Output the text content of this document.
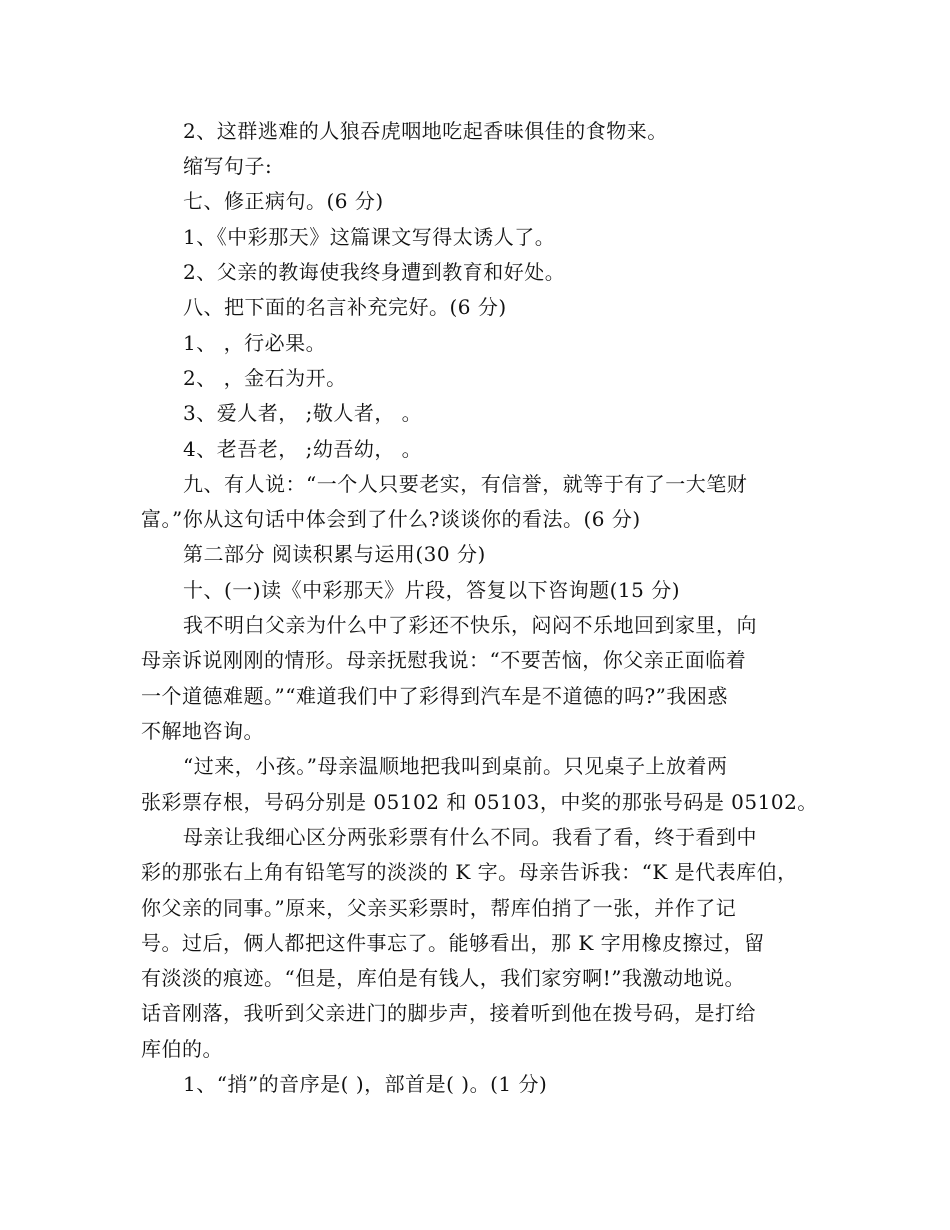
2、这群逃难的人狼吞虎咽地吃起香味俱佳的食物来。
缩写句子:
七、修正病句。(6 分)
1、《中彩那天》这篇课文写得太诱人了。
2、父亲的教诲使我终身遭到教育和好处。
八、把下面的名言补充完好。(6 分)
1、 ，行必果。
2、 ，金石为开。
3、爱人者， ;敬人者， 。
4、老吾老， ;幼吾幼， 。
九、有人说：“一个人只要老实，有信誉，就等于有了一大笔财
富。”你从这句话中体会到了什么?谈谈你的看法。(6 分)
第二部分 阅读积累与运用(30 分)
十、(一)读《中彩那天》片段，答复以下咨询题(15 分)
我不明白父亲为什么中了彩还不快乐，闷闷不乐地回到家里，向
母亲诉说刚刚的情形。母亲抚慰我说：“不要苦恼，你父亲正面临着
一个道德难题。”“难道我们中了彩得到汽车是不道德的吗?”我困惑
不解地咨询。
“过来，小孩。”母亲温顺地把我叫到桌前。只见桌子上放着两
张彩票存根，号码分别是 05102 和 05103，中奖的那张号码是 05102。
母亲让我细心区分两张彩票有什么不同。我看了看，终于看到中
彩的那张右上角有铅笔写的淡淡的 K 字。母亲告诉我：“K 是代表库伯，
你父亲的同事。”原来，父亲买彩票时，帮库伯捎了一张，并作了记
号。过后，俩人都把这件事忘了。能够看出，那 K 字用橡皮擦过，留
有淡淡的痕迹。“但是，库伯是有钱人，我们家穷啊!”我激动地说。
话音刚落，我听到父亲进门的脚步声，接着听到他在拨号码，是打给
库伯的。
1、“捎”的音序是( )，部首是( )。(1 分)
